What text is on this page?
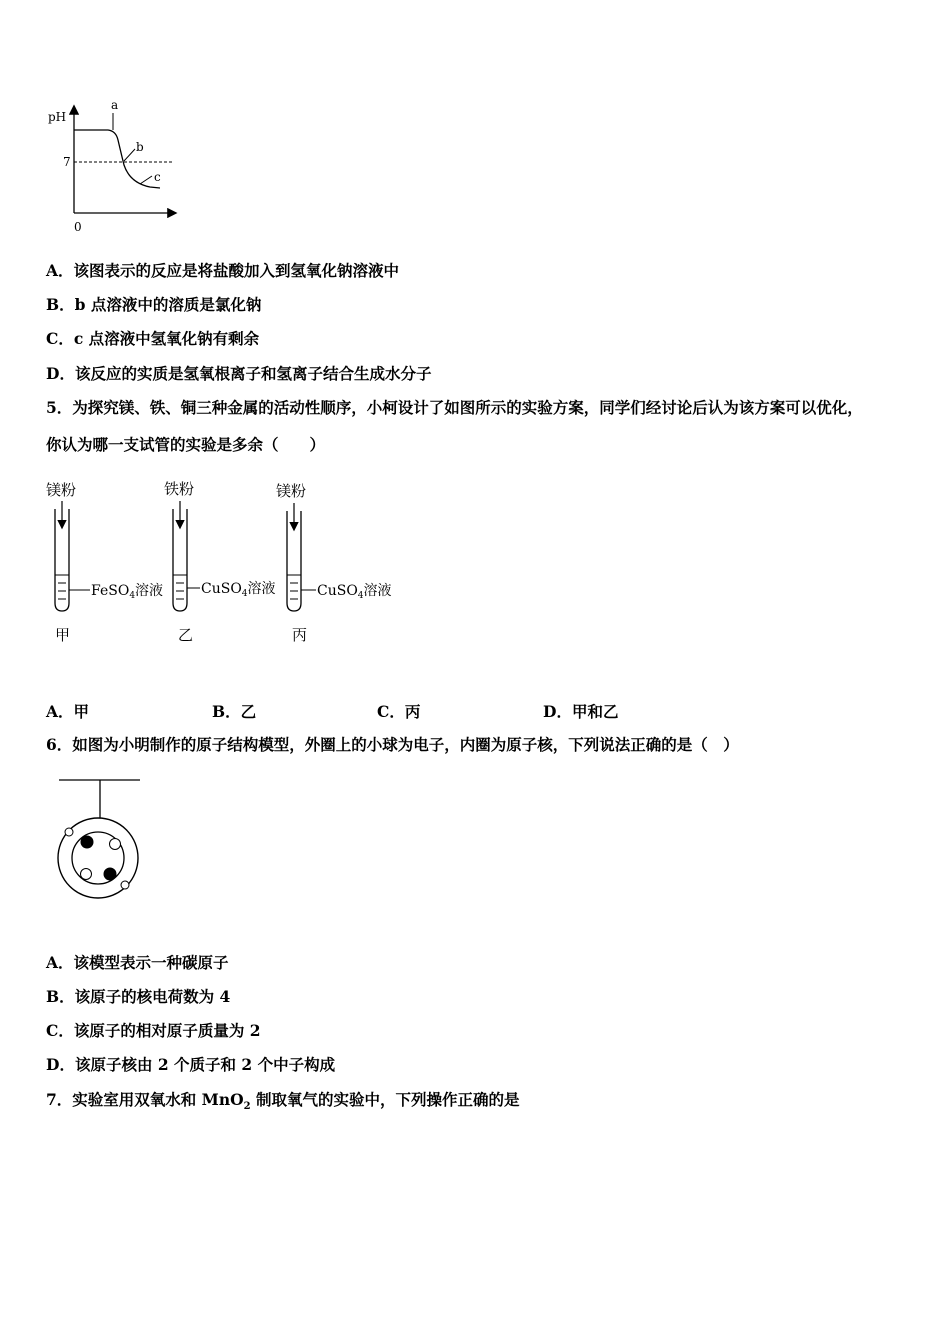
pH
7
0
a
b
c
A．该图表示的反应是将盐酸加入到氢氧化钠溶液中
B．b 点溶液中的溶质是氯化钠
C．c 点溶液中氢氧化钠有剩余
D．该反应的实质是氢氧根离子和氢离子结合生成水分子
5．为探究镁、铁、铜三种金属的活动性顺序，小柯设计了如图所示的实验方案，同学们经讨论后认为该方案可以优化，
你认为哪一支试管的实验是多余（　　）
镁粉
FeSO$_4$溶液
甲
铁粉
CuSO$_4$溶液
乙
镁粉
CuSO$_4$溶液
丙
A．甲	B．乙	C．丙	D．甲和乙
6．如图为小明制作的原子结构模型，外圈上的小球为电子，内圈为原子核，下列说法正确的是（　）
A．该模型表示一种碳原子
B．该原子的核电荷数为 4
C．该原子的相对原子质量为 2
D．该原子核由 2 个质子和 2 个中子构成
7．实验室用双氧水和 MnO$_2$ 制取氧气的实验中，下列操作正确的是
